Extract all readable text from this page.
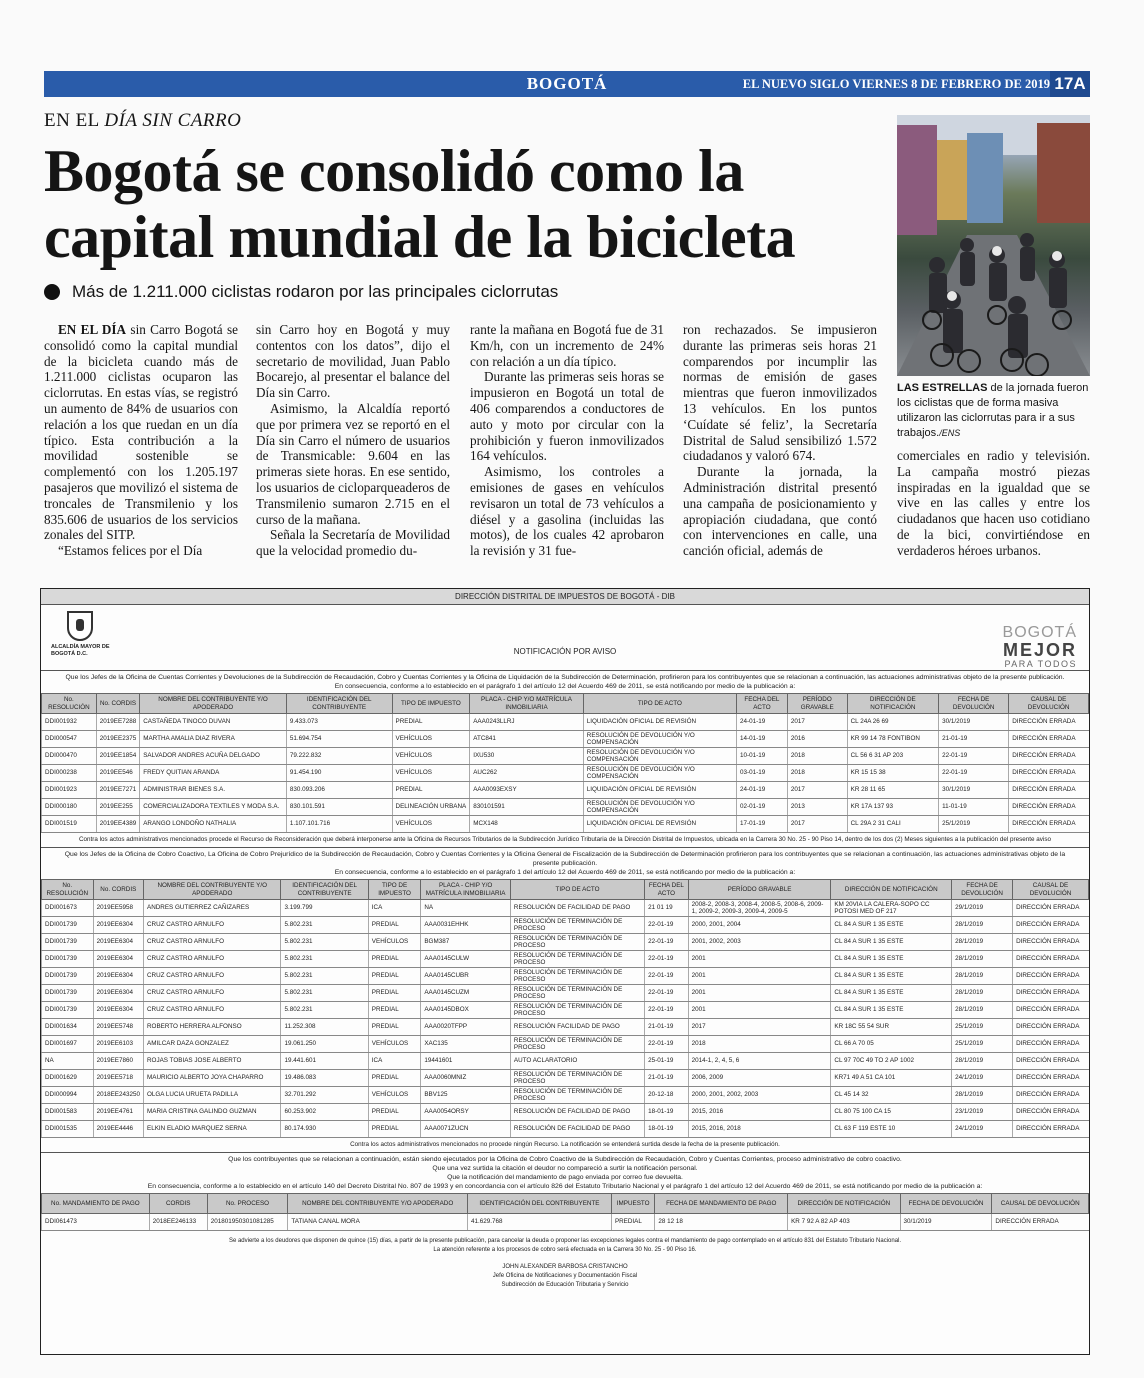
BOGOTÁ	EL NUEVO SIGLO VIERNES 8 DE FEBRERO DE 2019 17A
EN EL DÍA SIN CARRO
Bogotá se consolidó como la capital mundial de la bicicleta
Más de 1.211.000 ciclistas rodaron por las principales ciclorrutas

EN EL DÍA sin Carro Bogotá se consolidó como la capital mundial de la bicicleta cuando más de 1.211.000 ciclistas ocuparon las ciclorrutas. En estas vías, se registró un aumento de 84% de usuarios con relación a los que ruedan en un día típico. Esta contribución a la movilidad sostenible se complementó con los 1.205.197 pasajeros que movilizó el sistema de troncales de Transmilenio y los 835.606 de usuarios de los servicios zonales del SITP.

“Estamos felices por el Día

sin Carro hoy en Bogotá y muy contentos con los datos”, dijo el secretario de movilidad, Juan Pablo Bocarejo, al presentar el balance del Día sin Carro.

Asimismo, la Alcaldía reportó que por primera vez se reportó en el Día sin Carro el número de usuarios de Transmicable: 9.604 en las primeras siete horas. En ese sentido, los usuarios de cicloparqueaderos de Transmilenio sumaron 2.715 en el curso de la mañana.

Señala la Secretaría de Movilidad que la velocidad promedio du-

rante la mañana en Bogotá fue de 31 Km/h, con un incremento de 24% con relación a un día típico.

Durante las primeras seis horas se impusieron en Bogotá un total de 406 comparendos a conductores de auto y moto por circular con la prohibición y fueron inmovilizados 164 vehículos.

Asimismo, los controles a emisiones de gases en vehículos revisaron un total de 73 vehículos a diésel y a gasolina (incluidas las motos), de los cuales 42 aprobaron la revisión y 31 fue-

ron rechazados. Se impusieron durante las primeras seis horas 21 comparendos por incumplir las normas de emisión de gases mientras que fueron inmovilizados 13 vehículos. En los puntos ‘Cuídate sé feliz’, la Secretaría Distrital de Salud sensibilizó 1.572 ciudadanos y valoró 674.

Durante la jornada, la Administración distrital presentó una campaña de posicionamiento y apropiación ciudadana, que contó con intervenciones en calle, una canción oficial, además de

LAS ESTRELLAS de la jornada fueron los ciclistas que de forma masiva utilizaron las ciclorrutas para ir a sus trabajos./ENS

comerciales en radio y televisión. La campaña mostró piezas inspiradas en la igualdad que se vive en las calles y entre los ciudadanos que hacen uso cotidiano de la bici, convirtiéndose en verdaderos héroes urbanos.

DIRECCIÓN DISTRITAL DE IMPUESTOS DE BOGOTÁ - DIB
ALCALDÍA MAYOR DE BOGOTÁ D.C.	NOTIFICACIÓN POR AVISO
BOGOTÁ
MEJOR
PARA TODOS
Que los Jefes de la Oficina de Cuentas Corrientes y Devoluciones de la Subdirección de Recaudación, Cobro y Cuentas Corrientes y la Oficina de Liquidación de la Subdirección de Determinación, profirieron para los contribuyentes que se relacionan a continuación, las actuaciones administrativas objeto de la presente publicación.
En consecuencia, conforme a lo establecido en el parágrafo 1 del artículo 12 del Acuerdo 469 de 2011, se está notificando por medio de la publicación a:
No. RESOLUCIÓN	No. CORDIS	NOMBRE DEL CONTRIBUYENTE Y/O APODERADO	IDENTIFICACIÓN DEL CONTRIBUYENTE	TIPO DE IMPUESTO	PLACA - CHIP Y/O MATRÍCULA INMOBILIARIA	TIPO DE ACTO	FECHA DEL ACTO	PERÍODO GRAVABLE	DIRECCIÓN DE NOTIFICACIÓN	FECHA DE DEVOLUCIÓN	CAUSAL DE DEVOLUCIÓN
DDI001932	2019EE7288	CASTAÑEDA TINOCO DUVAN	9.433.073	PREDIAL	AAA0243LLRJ	LIQUIDACIÓN OFICIAL DE REVISIÓN	24-01-19	2017	CL 24A 26 69	30/1/2019	DIRECCIÓN ERRADA
DDI000547	2019EE2375	MARTHA AMALIA DIAZ RIVERA	51.694.754	VEHÍCULOS	ATC841	RESOLUCIÓN DE DEVOLUCIÓN Y/O COMPENSACIÓN	14-01-19	2016	KR 99 14 78 FONTIBON	21-01-19	DIRECCIÓN ERRADA
DDI000470	2019EE1854	SALVADOR ANDRES ACUÑA DELGADO	79.222.832	VEHÍCULOS	IXU530	RESOLUCIÓN DE DEVOLUCIÓN Y/O COMPENSACIÓN	10-01-19	2018	CL 56 6 31 AP 203	22-01-19	DIRECCIÓN ERRADA
DDI000238	2019EE546	FREDY QUITIAN ARANDA	91.454.190	VEHÍCULOS	AUC262	RESOLUCIÓN DE DEVOLUCIÓN Y/O COMPENSACIÓN	03-01-19	2018	KR 15 15 38	22-01-19	DIRECCIÓN ERRADA
DDI001923	2019EE7271	ADMINISTRAR BIENES S.A.	830.093.206	PREDIAL	AAA0093EXSY	LIQUIDACIÓN OFICIAL DE REVISIÓN	24-01-19	2017	KR 28 11 65	30/1/2019	DIRECCIÓN ERRADA
DDI000180	2019EE255	COMERCIALIZADORA TEXTILES Y MODA S.A.	830.101.591	DELINEACIÓN URBANA	830101591	RESOLUCIÓN DE DEVOLUCIÓN Y/O COMPENSACIÓN	02-01-19	2013	KR 17A 137 93	11-01-19	DIRECCIÓN ERRADA
DDI001519	2019EE4389	ARANGO LONDOÑO NATHALIA	1.107.101.716	VEHÍCULOS	MCX148	LIQUIDACIÓN OFICIAL DE REVISIÓN	17-01-19	2017	CL 29A 2 31 CALI	25/1/2019	DIRECCIÓN ERRADA
Contra los actos administrativos mencionados procede el Recurso de Reconsideración que deberá interponerse ante la Oficina de Recursos Tributarios de la Subdirección Jurídico Tributaria de la Dirección Distrital de Impuestos, ubicada en la Carrera 30 No. 25 - 90 Piso 14, dentro de los dos (2) Meses siguientes a la publicación del presente aviso
Que los Jefes de la Oficina de Cobro Coactivo, La Oficina de Cobro Prejurídico de la Subdirección de Recaudación, Cobro y Cuentas Corrientes y la Oficina General de Fiscalización de la Subdirección de Determinación profirieron para los contribuyentes que se relacionan a continuación, las actuaciones administrativas objeto de la presente publicación.
En consecuencia, conforme a lo establecido en el parágrafo 1 del artículo 12 del Acuerdo 469 de 2011, se está notificando por medio de la publicación a:
No. RESOLUCIÓN	No. CORDIS	NOMBRE DEL CONTRIBUYENTE Y/O APODERADO	IDENTIFICACIÓN DEL CONTRIBUYENTE	TIPO DE IMPUESTO	PLACA - CHIP Y/O MATRÍCULA INMOBILIARIA	TIPO DE ACTO	FECHA DEL ACTO	PERÍODO GRAVABLE	DIRECCIÓN DE NOTIFICACIÓN	FECHA DE DEVOLUCIÓN	CAUSAL DE DEVOLUCIÓN
DDI001673	2019EE5958	ANDRES GUTIERREZ CAÑIZARES	3.199.799	ICA	NA	RESOLUCIÓN DE FACILIDAD DE PAGO	21 01 19	2008-2, 2008-3, 2008-4, 2008-5, 2008-6, 2009-1, 2009-2, 2009-3, 2009-4, 2009-5	KM 20VIA LA CALERA-SOPO CC POTOSI MED OF 217	29/1/2019	DIRECCIÓN ERRADA
DDI001739	2019EE6304	CRUZ CASTRO ARNULFO	5.802.231	PREDIAL	AAA0031EHHK	RESOLUCIÓN DE TERMINACIÓN DE PROCESO	22-01-19	2000, 2001, 2004	CL 84 A SUR 1 35 ESTE	28/1/2019	DIRECCIÓN ERRADA
DDI001739	2019EE6304	CRUZ CASTRO ARNULFO	5.802.231	VEHÍCULOS	BGM387	RESOLUCIÓN DE TERMINACIÓN DE PROCESO	22-01-19	2001, 2002, 2003	CL 84 A SUR 1 35 ESTE	28/1/2019	DIRECCIÓN ERRADA
DDI001739	2019EE6304	CRUZ CASTRO ARNULFO	5.802.231	PREDIAL	AAA0145CULW	RESOLUCIÓN DE TERMINACIÓN DE PROCESO	22-01-19	2001	CL 84 A SUR 1 35 ESTE	28/1/2019	DIRECCIÓN ERRADA
DDI001739	2019EE6304	CRUZ CASTRO ARNULFO	5.802.231	PREDIAL	AAA0145CUBR	RESOLUCIÓN DE TERMINACIÓN DE PROCESO	22-01-19	2001	CL 84 A SUR 1 35 ESTE	28/1/2019	DIRECCIÓN ERRADA
DDI001739	2019EE6304	CRUZ CASTRO ARNULFO	5.802.231	PREDIAL	AAA0145CUZM	RESOLUCIÓN DE TERMINACIÓN DE PROCESO	22-01-19	2001	CL 84 A SUR 1 35 ESTE	28/1/2019	DIRECCIÓN ERRADA
DDI001739	2019EE6304	CRUZ CASTRO ARNULFO	5.802.231	PREDIAL	AAA0145DBOX	RESOLUCIÓN DE TERMINACIÓN DE PROCESO	22-01-19	2001	CL 84 A SUR 1 35 ESTE	28/1/2019	DIRECCIÓN ERRADA
DDI001634	2019EE5748	ROBERTO HERRERA ALFONSO	11.252.308	PREDIAL	AAA0020TFPP	RESOLUCIÓN FACILIDAD DE PAGO	21-01-19	2017	KR 18C 55 54 SUR	25/1/2019	DIRECCIÓN ERRADA
DDI001697	2019EE6103	AMILCAR DAZA GONZALEZ	19.061.250	VEHÍCULOS	XAC135	RESOLUCIÓN DE TERMINACIÓN DE PROCESO	22-01-19	2018	CL 66 A 70 05	25/1/2019	DIRECCIÓN ERRADA
NA	2019EE7860	ROJAS TOBIAS JOSE ALBERTO	19.441.601	ICA	19441601	AUTO ACLARATORIO	25-01-19	2014-1, 2, 4, 5, 6	CL 97 70C 49 TO 2 AP 1002	28/1/2019	DIRECCIÓN ERRADA
DDI001629	2019EE5718	MAURICIO ALBERTO JOYA CHAPARRO	19.486.083	PREDIAL	AAA0060MNIZ	RESOLUCIÓN DE TERMINACIÓN DE PROCESO	21-01-19	2006, 2009	KR71 49 A 51 CA 101	24/1/2019	DIRECCIÓN ERRADA
DDI000994	2018EE243250	OLGA LUCIA URUETA PADILLA	32.701.292	VEHÍCULOS	BBV125	RESOLUCIÓN DE TERMINACIÓN DE PROCESO	20-12-18	2000, 2001, 2002, 2003	CL 45 14 32	28/1/2019	DIRECCIÓN ERRADA
DDI001583	2019EE4761	MARIA CRISTINA GALINDO GUZMAN	60.253.902	PREDIAL	AAA0054ORSY	RESOLUCIÓN DE FACILIDAD DE PAGO	18-01-19	2015, 2016	CL 80 75 100 CA 15	23/1/2019	DIRECCIÓN ERRADA
DDI001535	2019EE4446	ELKIN ELADIO MARQUEZ SERNA	80.174.930	PREDIAL	AAA0071ZUCN	RESOLUCIÓN DE FACILIDAD DE PAGO	18-01-19	2015, 2016, 2018	CL 63 F 119 ESTE 10	24/1/2019	DIRECCIÓN ERRADA
Contra los actos administrativos mencionados no procede ningún Recurso. La notificación se entenderá surtida desde la fecha de la presente publicación.
Que los contribuyentes que se relacionan a continuación, están siendo ejecutados por la Oficina de Cobro Coactivo de la Subdirección de Recaudación, Cobro y Cuentas Corrientes, proceso administrativo de cobro coactivo.
Que una vez surtida la citación el deudor no compareció a surtir la notificación personal.
Que la notificación del mandamiento de pago enviada por correo fue devuelta.
En consecuencia, conforme a lo establecido en el artículo 140 del Decreto Distrital No. 807 de 1993 y en concordancia con el artículo 826 del Estatuto Tributario Nacional y el parágrafo 1 del artículo 12 del Acuerdo 469 de 2011, se está notificando por medio de la publicación a:
No. MANDAMIENTO DE PAGO	CORDIS	No. PROCESO	NOMBRE DEL CONTRIBUYENTE Y/O APODERADO	IDENTIFICACIÓN DEL CONTRIBUYENTE	IMPUESTO	FECHA DE MANDAMIENTO DE PAGO	DIRECCIÓN DE NOTIFICACIÓN	FECHA DE DEVOLUCIÓN	CAUSAL DE DEVOLUCIÓN
DDI061473	2018EE246133	201801950301081285	TATIANA CANAL MORA	41.629.768	PREDIAL	28 12 18	KR 7 92 A 82 AP 403	30/1/2019	DIRECCIÓN ERRADA
Se advierte a los deudores que disponen de quince (15) días, a partir de la presente publicación, para cancelar la deuda o proponer las excepciones legales contra el mandamiento de pago contemplado en el artículo 831 del Estatuto Tributario Nacional.
La atención referente a los procesos de cobro será efectuada en la Carrera 30 No. 25 - 90 Piso 16.
JOHN ALEXANDER BARBOSA CRISTANCHO
Jefe Oficina de Notificaciones y Documentación Fiscal
Subdirección de Educación Tributaria y Servicio
